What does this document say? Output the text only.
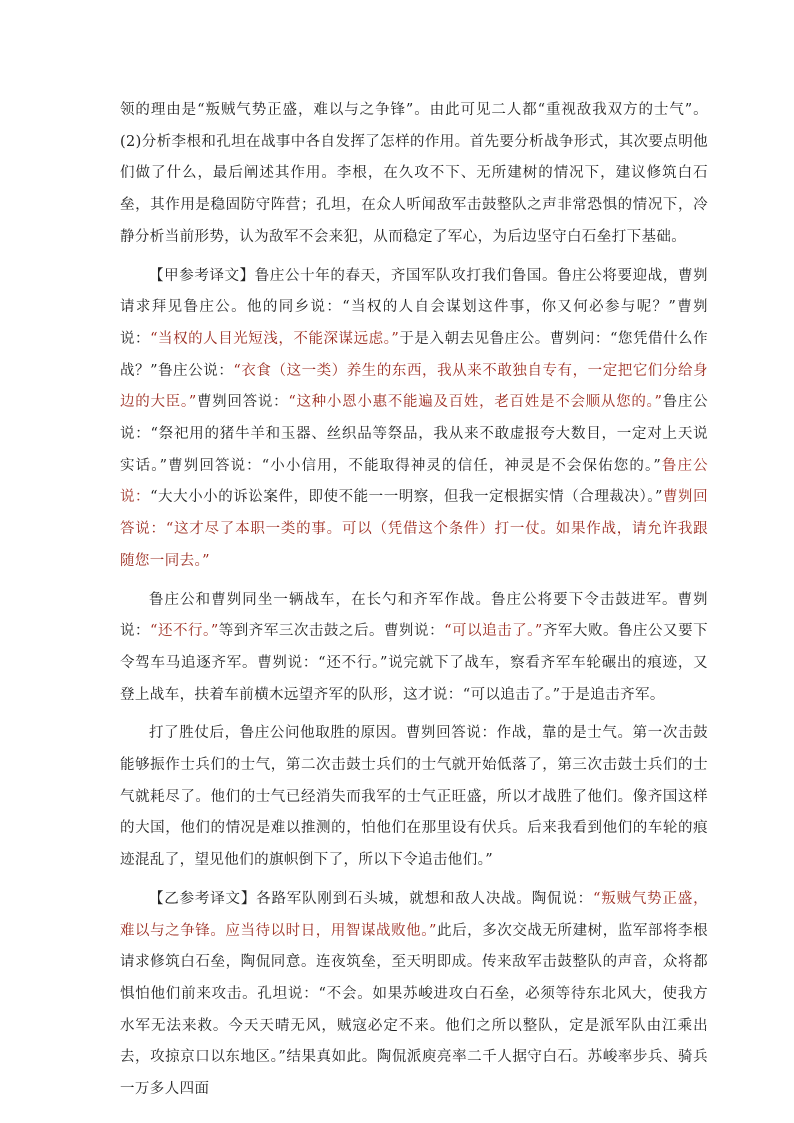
领的理由是“叛贼气势正盛，难以与之争锋”。由此可见二人都“重视敌我双方的士气”。(2)分析李根和孔坦在战事中各自发挥了怎样的作用。首先要分析战争形式，其次要点明他们做了什么，最后阐述其作用。李根，在久攻不下、无所建树的情况下，建议修筑白石垒，其作用是稳固防守阵营；孔坦，在众人听闻敌军击鼓整队之声非常恐惧的情况下，冷静分析当前形势，认为敌军不会来犯，从而稳定了军心，为后边坚守白石垒打下基础。

【甲参考译文】鲁庄公十年的春天，齐国军队攻打我们鲁国。鲁庄公将要迎战，曹刿请求拜见鲁庄公。他的同乡说：“当权的人自会谋划这件事，你又何必参与呢？”曹刿说：“当权的人目光短浅，不能深谋远虑。”于是入朝去见鲁庄公。曹刿问：“您凭借什么作战？”鲁庄公说：“衣食（这一类）养生的东西，我从来不敢独自专有，一定把它们分给身边的大臣。”曹刿回答说：“这种小恩小惠不能遍及百姓，老百姓是不会顺从您的。”鲁庄公说：“祭祀用的猪牛羊和玉器、丝织品等祭品，我从来不敢虚报夸大数目，一定对上天说实话。”曹刿回答说：“小小信用，不能取得神灵的信任，神灵是不会保佑您的。”鲁庄公说：“大大小小的诉讼案件，即使不能一一明察，但我一定根据实情（合理裁决）。”曹刿回答说：“这才尽了本职一类的事。可以（凭借这个条件）打一仗。如果作战，请允许我跟随您一同去。”

鲁庄公和曹刿同坐一辆战车，在长勺和齐军作战。鲁庄公将要下令击鼓进军。曹刿说：“还不行。”等到齐军三次击鼓之后。曹刿说：“可以追击了。”齐军大败。鲁庄公又要下令驾车马追逐齐军。曹刿说：“还不行。”说完就下了战车，察看齐军车轮碾出的痕迹，又登上战车，扶着车前横木远望齐军的队形，这才说：“可以追击了。”于是追击齐军。

打了胜仗后，鲁庄公问他取胜的原因。曹刿回答说：作战，靠的是士气。第一次击鼓能够振作士兵们的士气，第二次击鼓士兵们的士气就开始低落了，第三次击鼓士兵们的士气就耗尽了。他们的士气已经消失而我军的士气正旺盛，所以才战胜了他们。像齐国这样的大国，他们的情况是难以推测的，怕他们在那里设有伏兵。后来我看到他们的车轮的痕迹混乱了，望见他们的旗帜倒下了，所以下令追击他们。”

【乙参考译文】各路军队刚到石头城，就想和敌人决战。陶侃说：“叛贼气势正盛，难以与之争锋。应当待以时日，用智谋战败他。”此后，多次交战无所建树，监军部将李根请求修筑白石垒，陶侃同意。连夜筑垒，至天明即成。传来敌军击鼓整队的声音，众将都惧怕他们前来攻击。孔坦说：“不会。如果苏峻进攻白石垒，必须等待东北风大，使我方水军无法来救。今天天晴无风，贼寇必定不来。他们之所以整队，定是派军队由江乘出去，攻掠京口以东地区。”结果真如此。陶侃派庾亮率二千人据守白石。苏峻率步兵、骑兵一万多人四面
